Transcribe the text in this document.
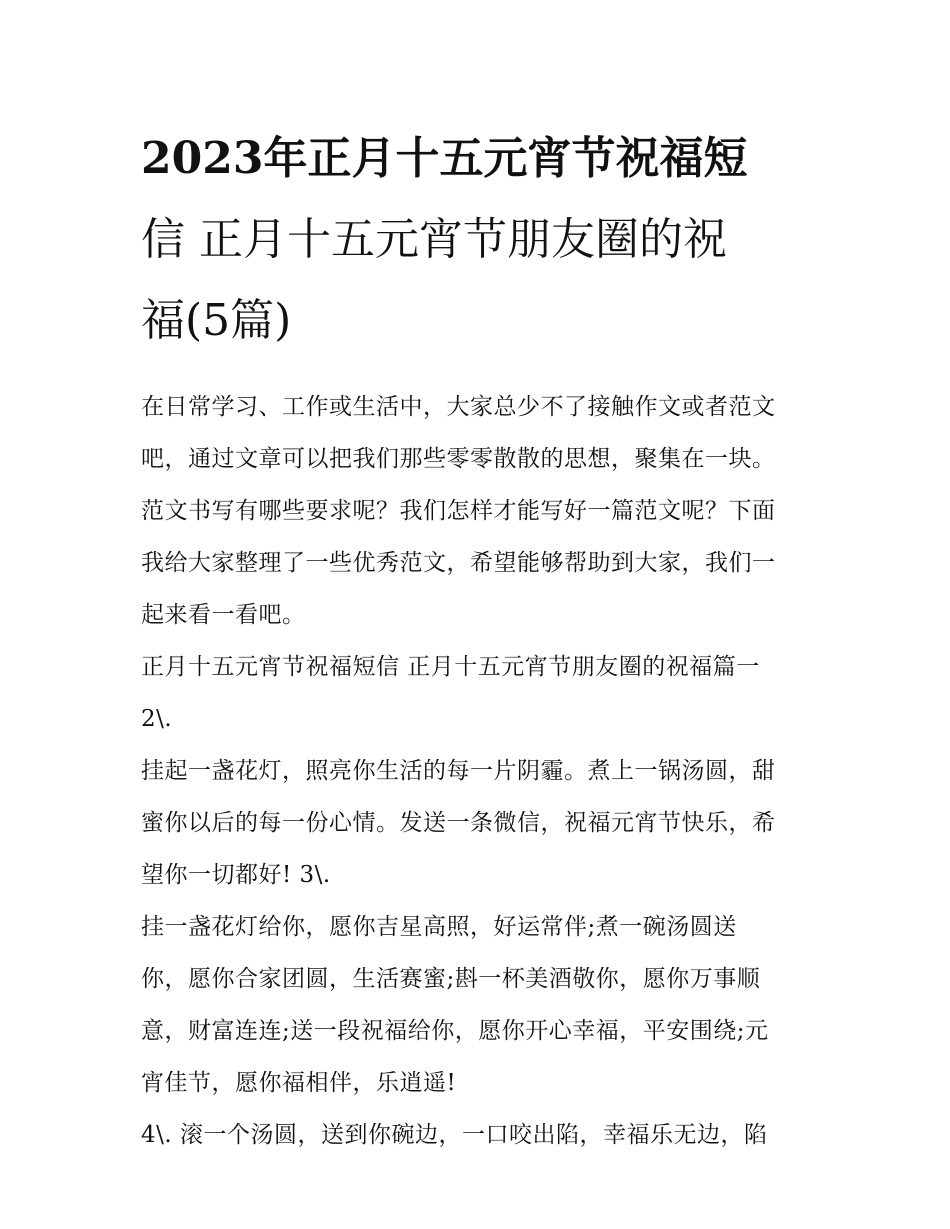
2023年正月十五元宵节祝福短
信 正月十五元宵节朋友圈的祝
福(5篇)
在日常学习、工作或生活中，大家总少不了接触作文或者范文
吧，通过文章可以把我们那些零零散散的思想，聚集在一块。
范文书写有哪些要求呢？我们怎样才能写好一篇范文呢？下面
我给大家整理了一些优秀范文，希望能够帮助到大家，我们一
起来看一看吧。
正月十五元宵节祝福短信 正月十五元宵节朋友圈的祝福篇一
2\.
挂起一盏花灯，照亮你生活的每一片阴霾。煮上一锅汤圆，甜
蜜你以后的每一份心情。发送一条微信，祝福元宵节快乐，希
望你一切都好! 3\.
挂一盏花灯给你，愿你吉星高照，好运常伴;煮一碗汤圆送
你，愿你合家团圆，生活赛蜜;斟一杯美酒敬你，愿你万事顺
意，财富连连;送一段祝福给你，愿你开心幸福，平安围绕;元
宵佳节，愿你福相伴，乐逍遥!
4\. 滚一个汤圆，送到你碗边，一口咬出陷，幸福乐无边，陷
